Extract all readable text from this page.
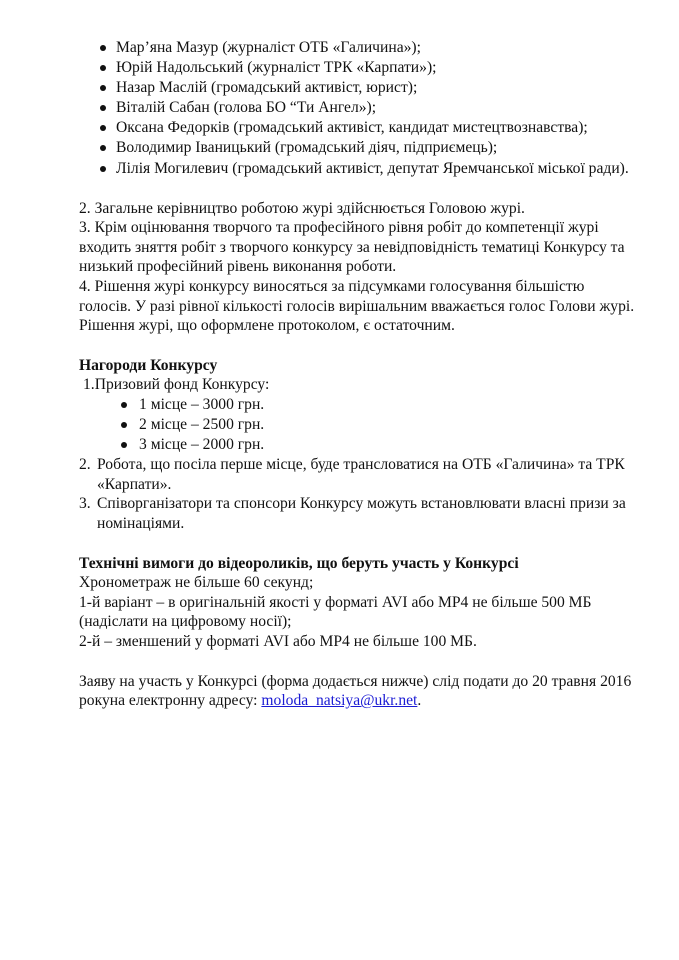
Мар’яна Мазур (журналіст ОТБ «Галичина»);
Юрій Надольський (журналіст ТРК «Карпати»);
Назар Маслій (громадський активіст, юрист);
Віталій Сабан (голова БО “Ти Ангел»);
Оксана Федорків (громадський активіст, кандидат мистецтвознавства);
Володимир Іваницький (громадський діяч, підприємець);
Лілія Могилевич (громадський активіст, депутат Яремчанської міської ради).

2. Загальне керівництво роботою журі здійснюється Головою журі.

3. Крім оцінювання творчого та професійного рівня робіт до компетенції журі входить зняття робіт з творчого конкурсу за невідповідність тематиці Конкурсу та низький професійний рівень виконання роботи.

4. Рішення журі конкурсу виносяться за підсумками голосування більшістю голосів. У разі рівної кількості голосів вирішальним вважається голос Голови журі. Рішення журі, що оформлене протоколом, є остаточним.

Нагороди Конкурсу

1.Призовий фонд Конкурсу:

1 місце – 3000 грн.
2 місце – 2500 грн.
3 місце – 2000 грн.
2. Робота, що посіла перше місце, буде трансловатися на ОТБ «Галичина» та ТРК «Карпати».
3. Співорганізатори та спонсори Конкурсу можуть встановлювати власні призи за номінаціями.

Технічні вимоги до відеороликів, що беруть участь у Конкурсі

Хронометраж не більше 60 секунд;

1-й варіант – в оригінальній якості у форматі AVI або MP4 не більше 500 МБ (надіслати на цифровому носії);

2-й – зменшений у форматі AVI або MP4 не більше 100 МБ.

Заяву на участь у Конкурсі (форма додається нижче) слід подати до 20 травня 2016 рокуна електронну адресу: moloda_natsiya@ukr.net.
